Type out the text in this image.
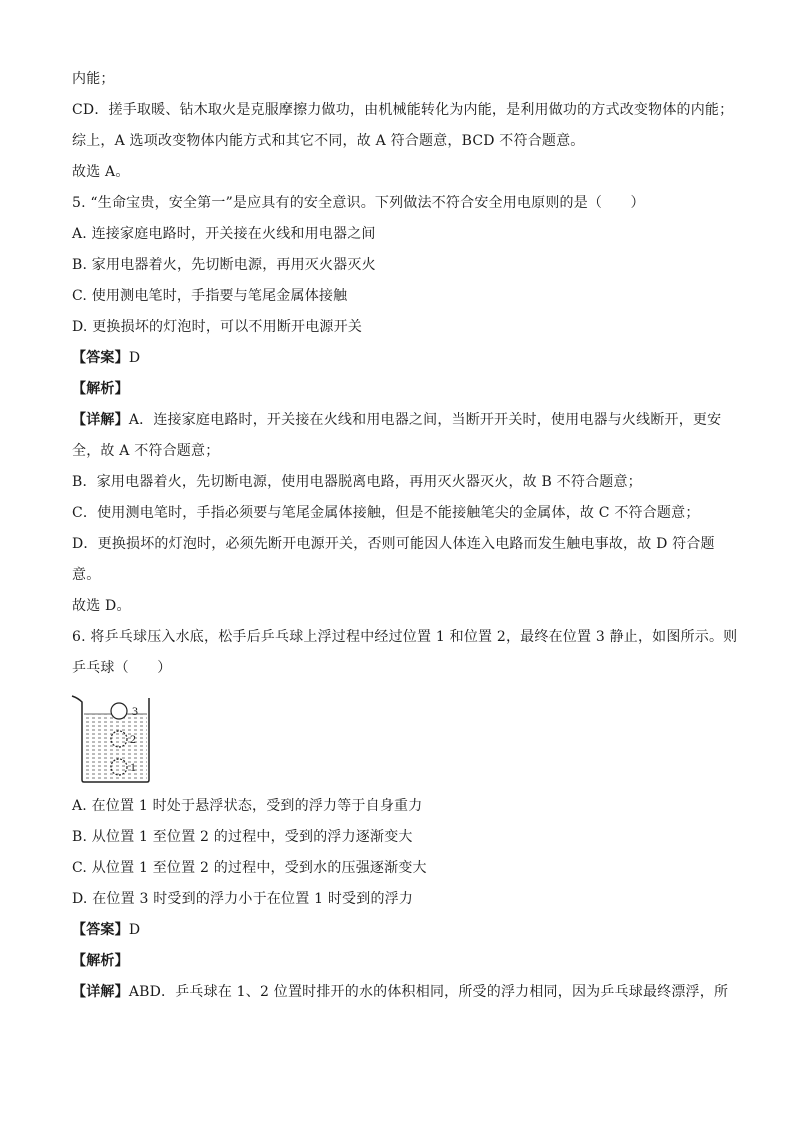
内能；
CD．搓手取暖、钻木取火是克服摩擦力做功，由机械能转化为内能，是利用做功的方式改变物体的内能；
综上，A 选项改变物体内能方式和其它不同，故 A 符合题意，BCD 不符合题意。
故选 A。
5. “生命宝贵，安全第一”是应具有的安全意识。下列做法不符合安全用电原则的是（　　）
A. 连接家庭电路时，开关接在火线和用电器之间
B. 家用电器着火，先切断电源，再用灭火器灭火
C. 使用测电笔时，手指要与笔尾金属体接触
D. 更换损坏的灯泡时，可以不用断开电源开关
【答案】D
【解析】
【详解】A．连接家庭电路时，开关接在火线和用电器之间，当断开开关时，使用电器与火线断开，更安
全，故 A 不符合题意；
B．家用电器着火，先切断电源，使用电器脱离电路，再用灭火器灭火，故 B 不符合题意；
C．使用测电笔时，手指必须要与笔尾金属体接触，但是不能接触笔尖的金属体，故 C 不符合题意；
D．更换损坏的灯泡时，必须先断开电源开关，否则可能因人体连入电路而发生触电事故，故 D 符合题
意。
故选 D。
6. 将乒乓球压入水底，松手后乒乓球上浮过程中经过位置 1 和位置 2，最终在位置 3 静止，如图所示。则
乒乓球（　　）
3
2
1
A. 在位置 1 时处于悬浮状态，受到的浮力等于自身重力
B. 从位置 1 至位置 2 的过程中，受到的浮力逐渐变大
C. 从位置 1 至位置 2 的过程中，受到水的压强逐渐变大
D. 在位置 3 时受到的浮力小于在位置 1 时受到的浮力
【答案】D
【解析】
【详解】ABD．乒乓球在 1、2 位置时排开的水的体积相同，所受的浮力相同，因为乒乓球最终漂浮，所
